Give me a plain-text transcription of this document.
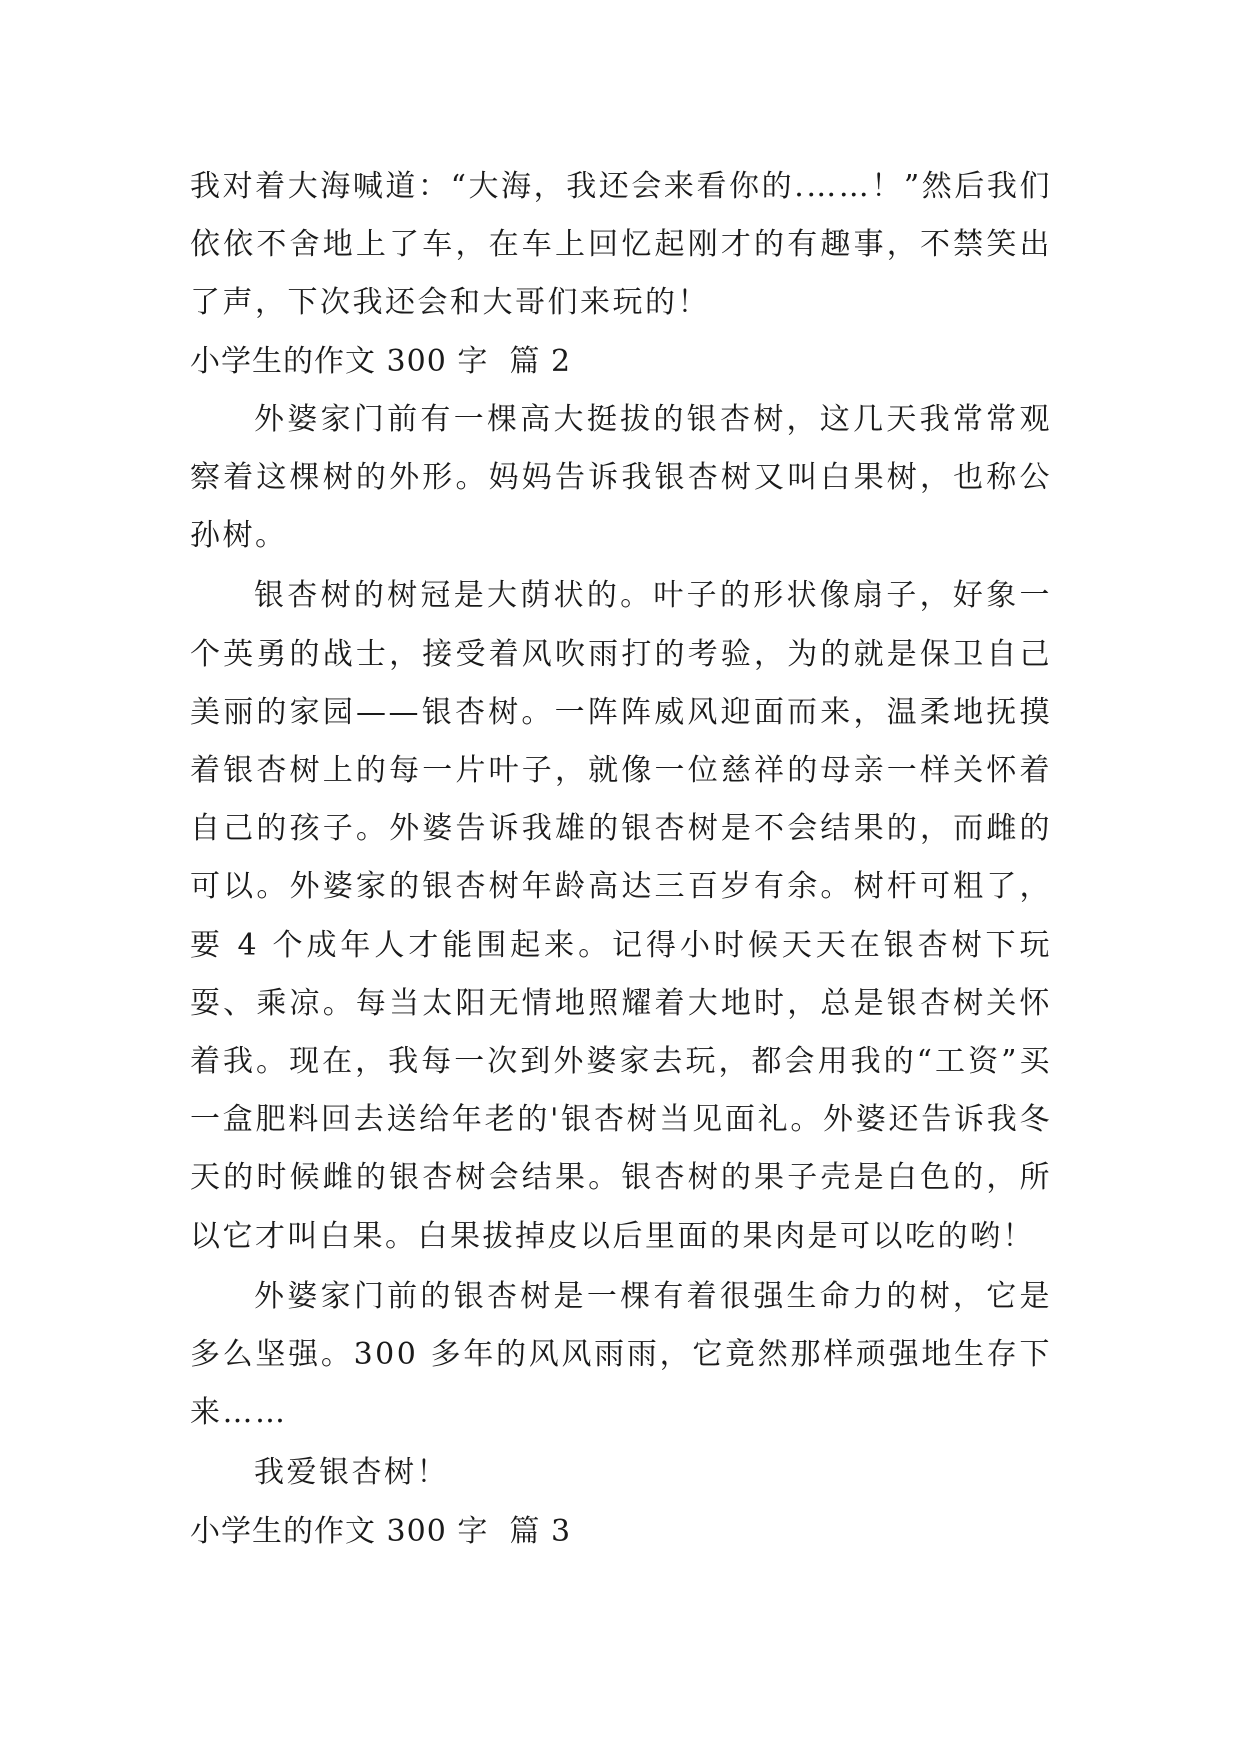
我对着大海喊道：“大海，我还会来看你的.……！”然后我们依依不舍地上了车，在车上回忆起刚才的有趣事，不禁笑出了声，下次我还会和大哥们来玩的！

小学生的作文 300 字  篇 2

外婆家门前有一棵高大挺拔的银杏树，这几天我常常观察着这棵树的外形。妈妈告诉我银杏树又叫白果树，也称公孙树。

银杏树的树冠是大荫状的。叶子的形状像扇子，好象一个英勇的战士，接受着风吹雨打的考验，为的就是保卫自己美丽的家园——银杏树。一阵阵威风迎面而来，温柔地抚摸着银杏树上的每一片叶子，就像一位慈祥的母亲一样关怀着自己的孩子。外婆告诉我雄的银杏树是不会结果的，而雌的可以。外婆家的银杏树年龄高达三百岁有余。树杆可粗了，要 4 个成年人才能围起来。记得小时候天天在银杏树下玩耍、乘凉。每当太阳无情地照耀着大地时，总是银杏树关怀着我。现在，我每一次到外婆家去玩，都会用我的“工资”买一盒肥料回去送给年老的'银杏树当见面礼。外婆还告诉我冬天的时候雌的银杏树会结果。银杏树的果子壳是白色的，所以它才叫白果。白果拔掉皮以后里面的果肉是可以吃的哟！

外婆家门前的银杏树是一棵有着很强生命力的树，它是多么坚强。300 多年的风风雨雨，它竟然那样顽强地生存下来……

我爱银杏树！

小学生的作文 300 字  篇 3
